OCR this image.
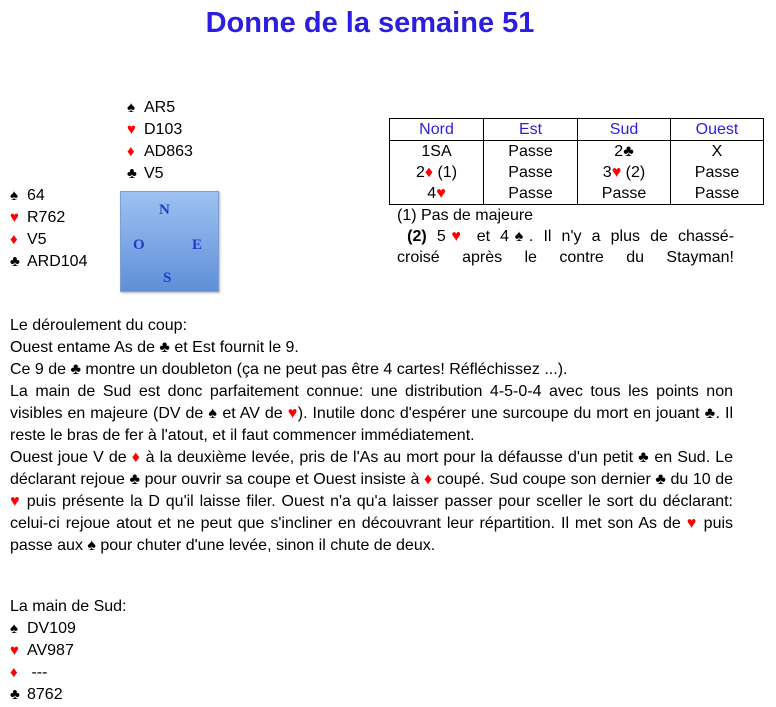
Donne de la semaine 51
♠ AR5
♥ D103
♦ AD863
♣ V5
♠ 64
♥ R762
♦ V5
♣ ARD104
N
O	E
S
Nord	Est	Sud	Ouest
1SA	Passe	2♣	X
2♦ (1)	Passe	3♥ (2)	Passe
4♥	Passe	Passe	Passe
(1) Pas de majeure
(2) 5♥ et 4♠. Il n'y a plus de chassé-
croisé après le contre du Stayman!
Le déroulement du coup:
Ouest entame As de ♣ et Est fournit le 9.
Ce 9 de ♣ montre un doubleton (ça ne peut pas être 4 cartes! Réfléchissez ...).
La main de Sud est donc parfaitement connue: une distribution 4-5-0-4 avec tous les points non visibles en majeure (DV de ♠ et AV de ♥). Inutile donc d'espérer une surcoupe du mort en jouant ♣. Il reste le bras de fer à l'atout, et il faut commencer immédiatement.
Ouest joue V de ♦ à la deuxième levée, pris de l'As au mort pour la défausse d'un petit ♣ en Sud. Le déclarant rejoue ♣ pour ouvrir sa coupe et Ouest insiste à ♦ coupé. Sud coupe son dernier ♣ du 10 de ♥ puis présente la D qu'il laisse filer. Ouest n'a qu'a laisser passer pour sceller le sort du déclarant: celui-ci rejoue atout et ne peut que s'incliner en découvrant leur répartition. Il met son As de ♥ puis passe aux ♠ pour chuter d'une levée, sinon il chute de deux.
La main de Sud:
♠ DV109
♥ AV987
♦ ---
♣ 8762
